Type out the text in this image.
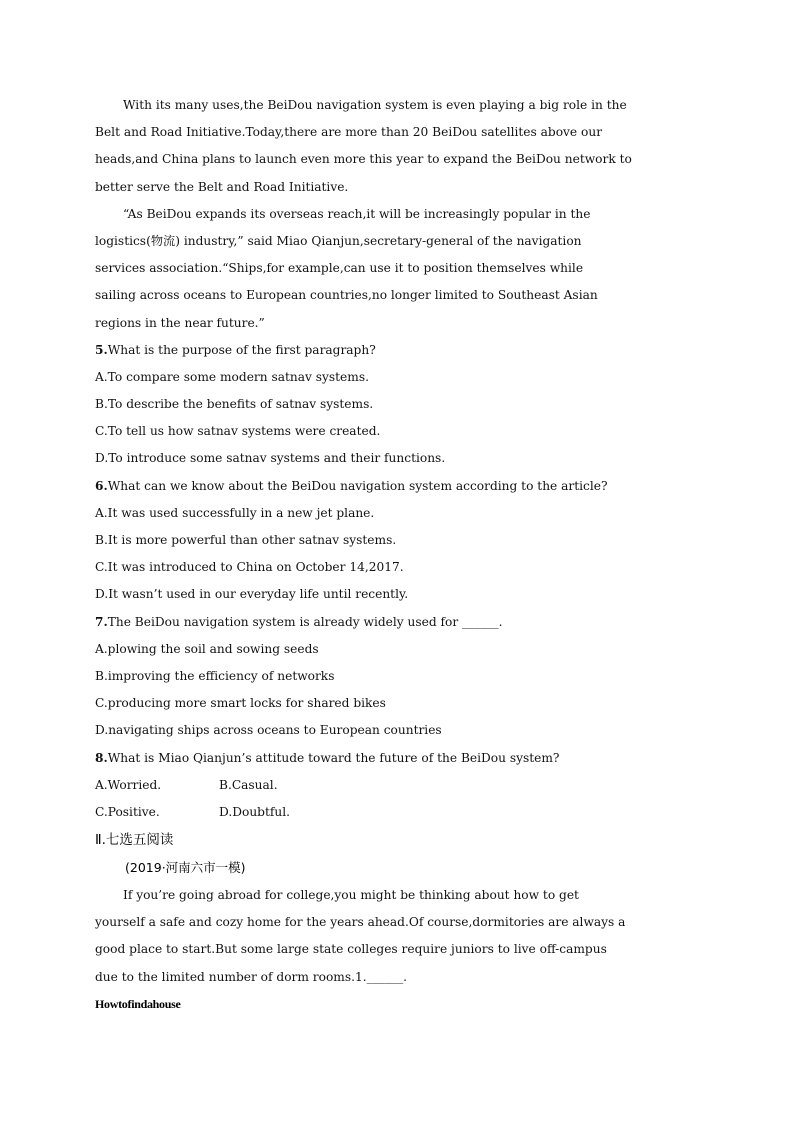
With its many uses,the BeiDou navigation system is even playing a big role in the
Belt and Road Initiative.Today,there are more than 20 BeiDou satellites above our
heads,and China plans to launch even more this year to expand the BeiDou network to
better serve the Belt and Road Initiative.
“As BeiDou expands its overseas reach,it will be increasingly popular in the
logistics(物流) industry,” said Miao Qianjun,secretary-general of the navigation
services association.“Ships,for example,can use it to position themselves while
sailing across oceans to European countries,no longer limited to Southeast Asian
regions in the near future.”
5.What is the purpose of the first paragraph?
A.To compare some modern satnav systems.
B.To describe the benefits of satnav systems.
C.To tell us how satnav systems were created.
D.To introduce some satnav systems and their functions.
6.What can we know about the BeiDou navigation system according to the article?
A.It was used successfully in a new jet plane.
B.It is more powerful than other satnav systems.
C.It was introduced to China on October 14,2017.
D.It wasn’t used in our everyday life until recently.
7.The BeiDou navigation system is already widely used for ______.
A.plowing the soil and sowing seeds
B.improving the efficiency of networks
C.producing more smart locks for shared bikes
D.navigating ships across oceans to European countries
8.What is Miao Qianjun’s attitude toward the future of the BeiDou system?
A.Worried.	B.Casual.
C.Positive.	D.Doubtful.
Ⅱ.七选五阅读
(2019·河南六市一模)
If you’re going abroad for college,you might be thinking about how to get
yourself a safe and cozy home for the years ahead.Of course,dormitories are always a
good place to start.But some large state colleges require juniors to live off-campus
due to the limited number of dorm rooms.1.______.
Howtofindahouse
